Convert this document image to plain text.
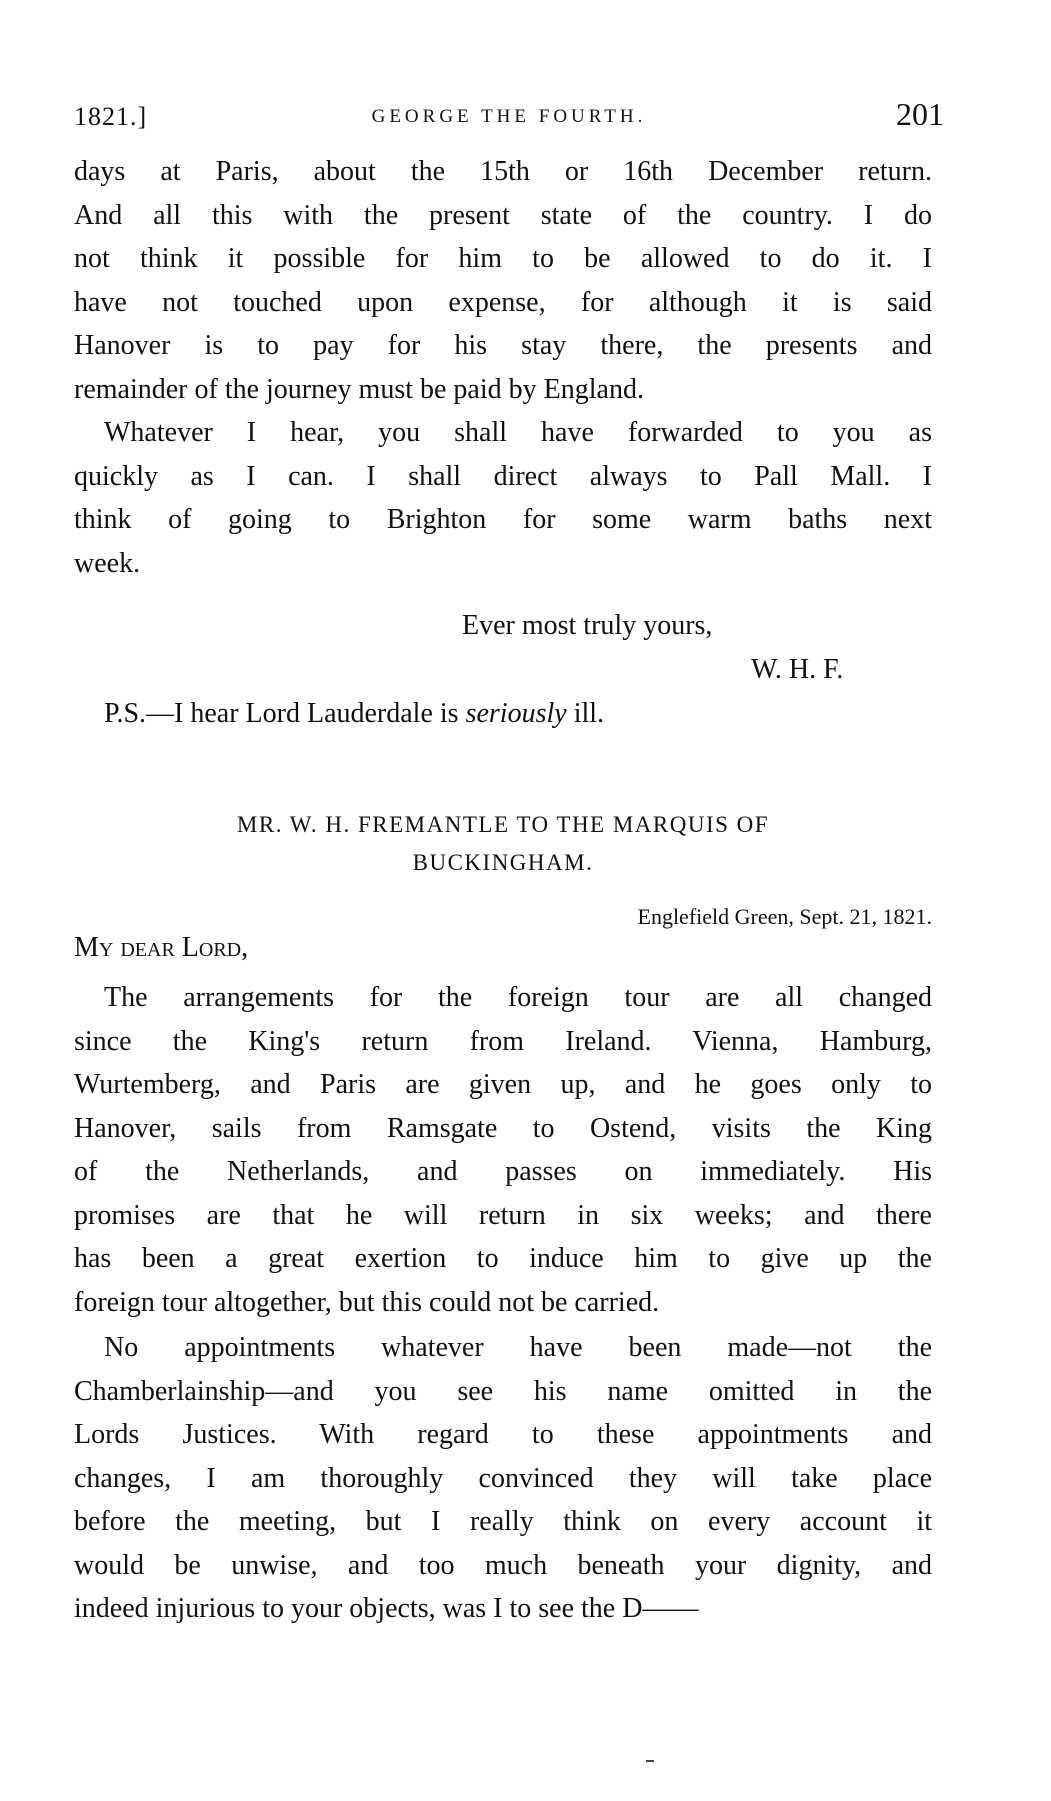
1821.]	GEORGE THE FOURTH.	201
days at Paris, about the 15th or 16th December return.
And all this with the present state of the country. I do
not think it possible for him to be allowed to do it. I
have not touched upon expense, for although it is said
Hanover is to pay for his stay there, the presents and
remainder of the journey must be paid by England.
Whatever I hear, you shall have forwarded to you as
quickly as I can. I shall direct always to Pall Mall. I
think of going to Brighton for some warm baths next
week.
Ever most truly yours,
W. H. F.
P.S.—I hear Lord Lauderdale is seriously ill.
MR. W. H. FREMANTLE TO THE MARQUIS OF
BUCKINGHAM.
Englefield Green, Sept. 21, 1821.
My dear Lord,
The arrangements for the foreign tour are all changed
since the King's return from Ireland. Vienna, Hamburg,
Wurtemberg, and Paris are given up, and he goes only to
Hanover, sails from Ramsgate to Ostend, visits the King
of the Netherlands, and passes on immediately. His
promises are that he will return in six weeks; and there
has been a great exertion to induce him to give up the
foreign tour altogether, but this could not be carried.
No appointments whatever have been made—not the
Chamberlainship—and you see his name omitted in the
Lords Justices. With regard to these appointments and
changes, I am thoroughly convinced they will take place
before the meeting, but I really think on every account it
would be unwise, and too much beneath your dignity, and
indeed injurious to your objects, was I to see the D——
